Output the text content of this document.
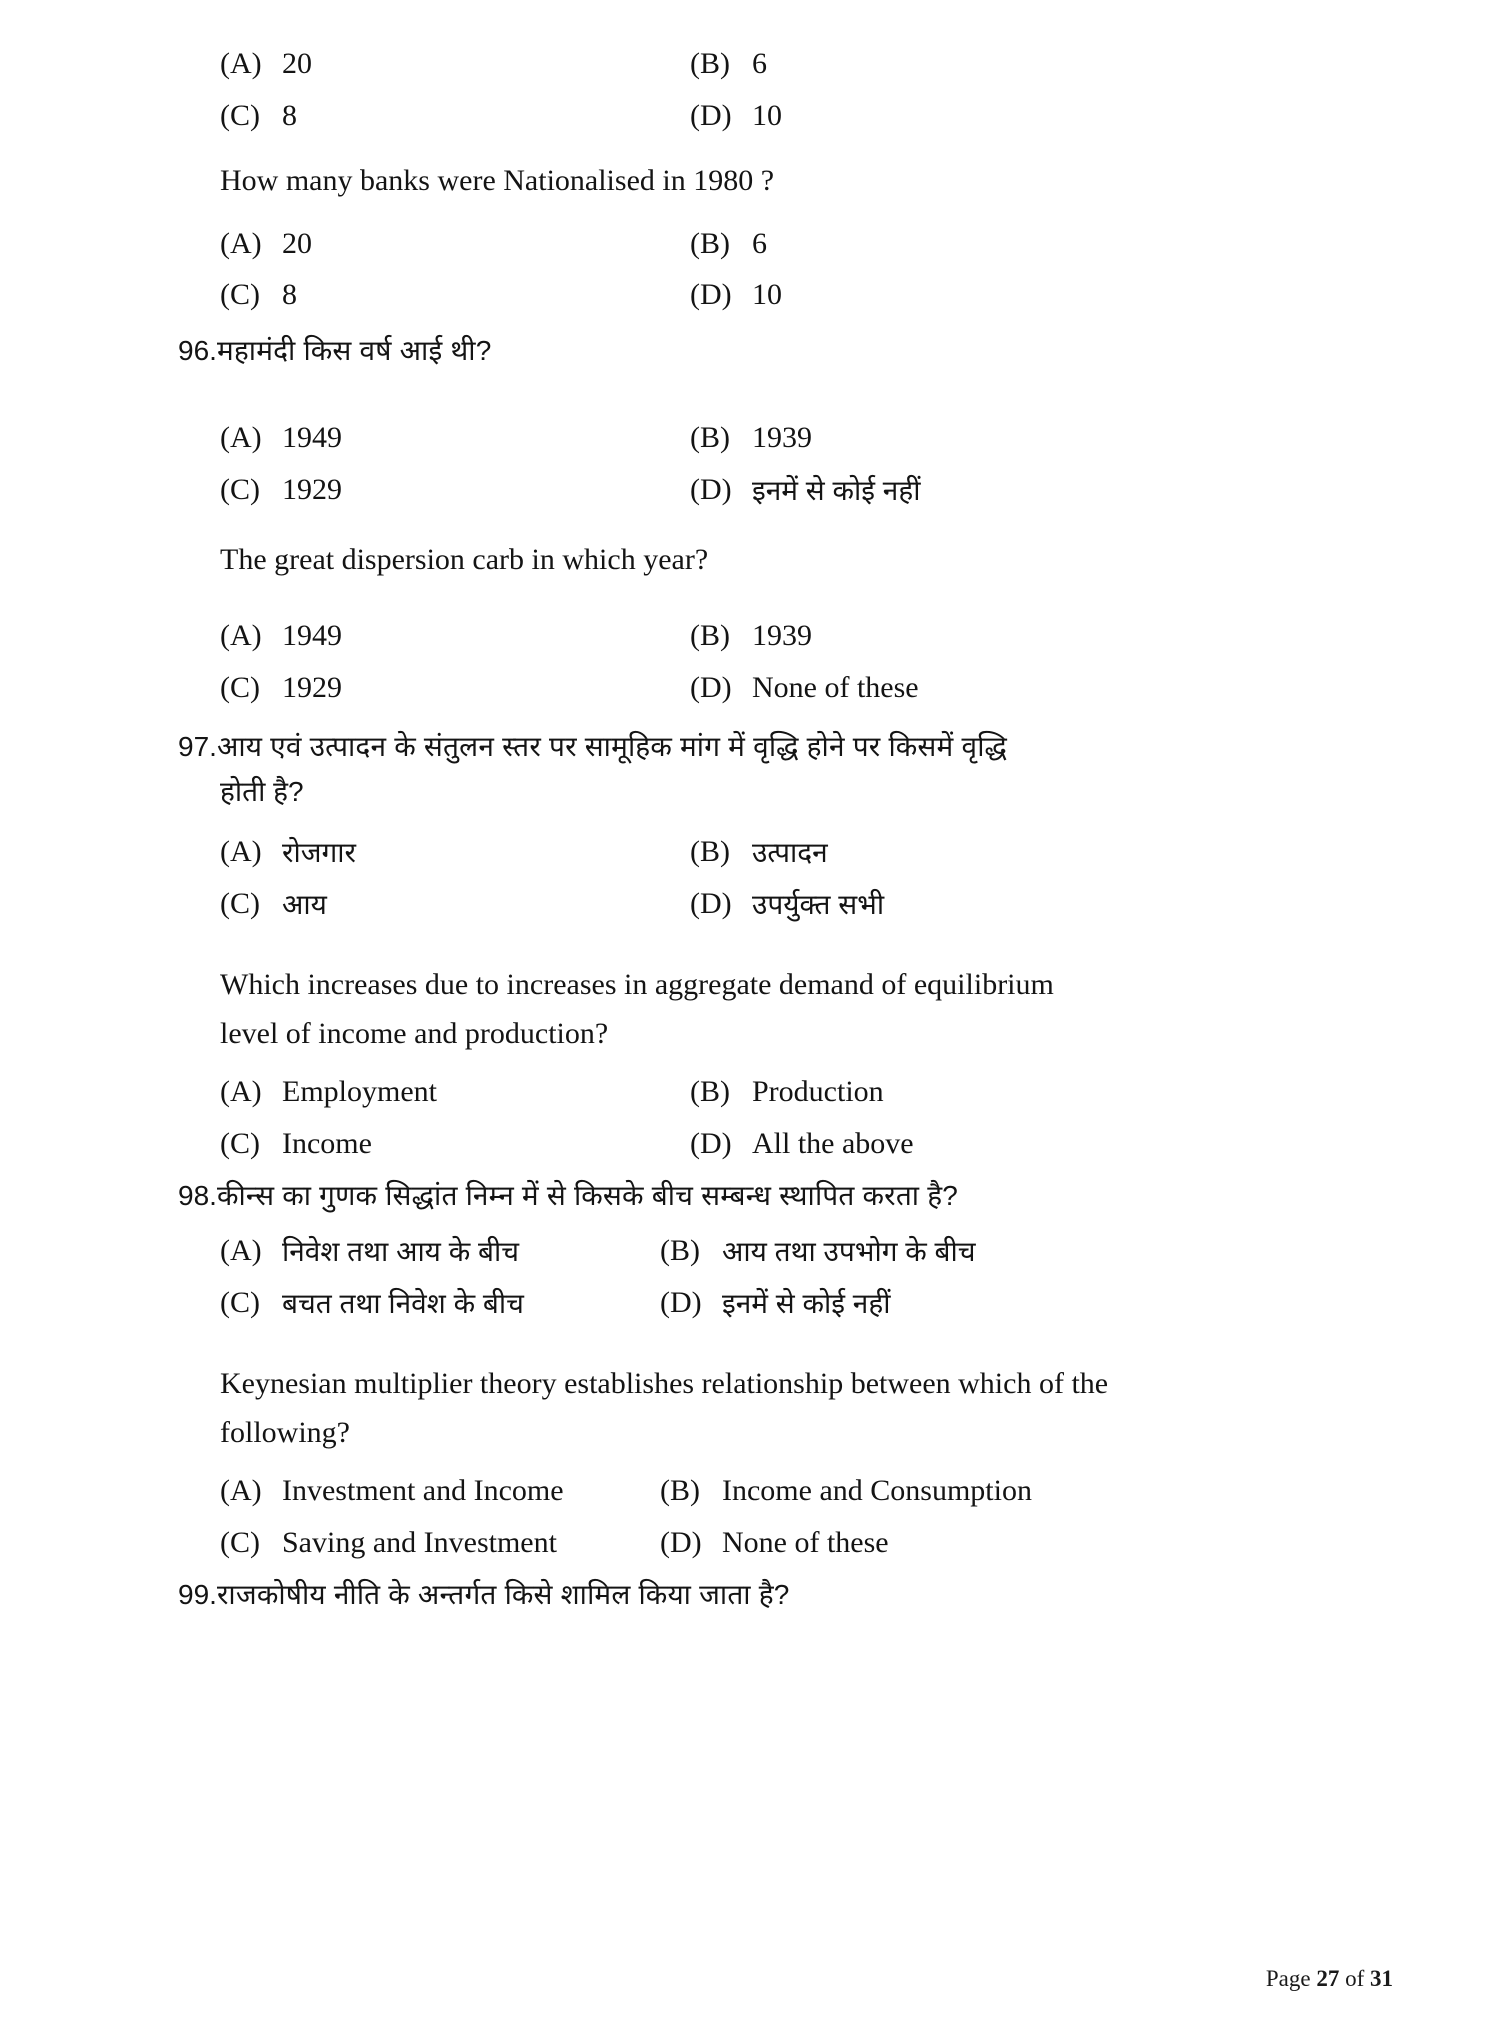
(A) 20	(B) 6
(C) 8	(D) 10
How many banks were Nationalised in 1980 ?
(A) 20	(B) 6
(C) 8	(D) 10
96. महामंदी किस वर्ष आई थी?
(A) 1949	(B) 1939
(C) 1929	(D) इनमें से कोई नहीं
The great dispersion carb in which year?
(A) 1949	(B) 1939
(C) 1929	(D) None of these
97. आय एवं उत्पादन के संतुलन स्तर पर सामूहिक मांग में वृद्धि होने पर किसमें वृद्धि
होती है?
(A) रोजगार	(B) उत्पादन
(C) आय	(D) उपर्युक्त सभी
Which increases due to increases in aggregate demand of equilibrium
level of income and production?
(A) Employment	(B) Production
(C) Income	(D) All the above
98. कीन्स का गुणक सिद्धांत निम्न में से किसके बीच सम्बन्ध स्थापित करता है?
(A) निवेश तथा आय के बीच	(B) आय तथा उपभोग के बीच
(C) बचत तथा निवेश के बीच	(D) इनमें से कोई नहीं
Keynesian multiplier theory establishes relationship between which of the
following?
(A) Investment and Income	(B) Income and Consumption
(C) Saving and Investment	(D) None of these
99. राजकोषीय नीति के अन्तर्गत किसे शामिल किया जाता है?
Page 27 of 31
